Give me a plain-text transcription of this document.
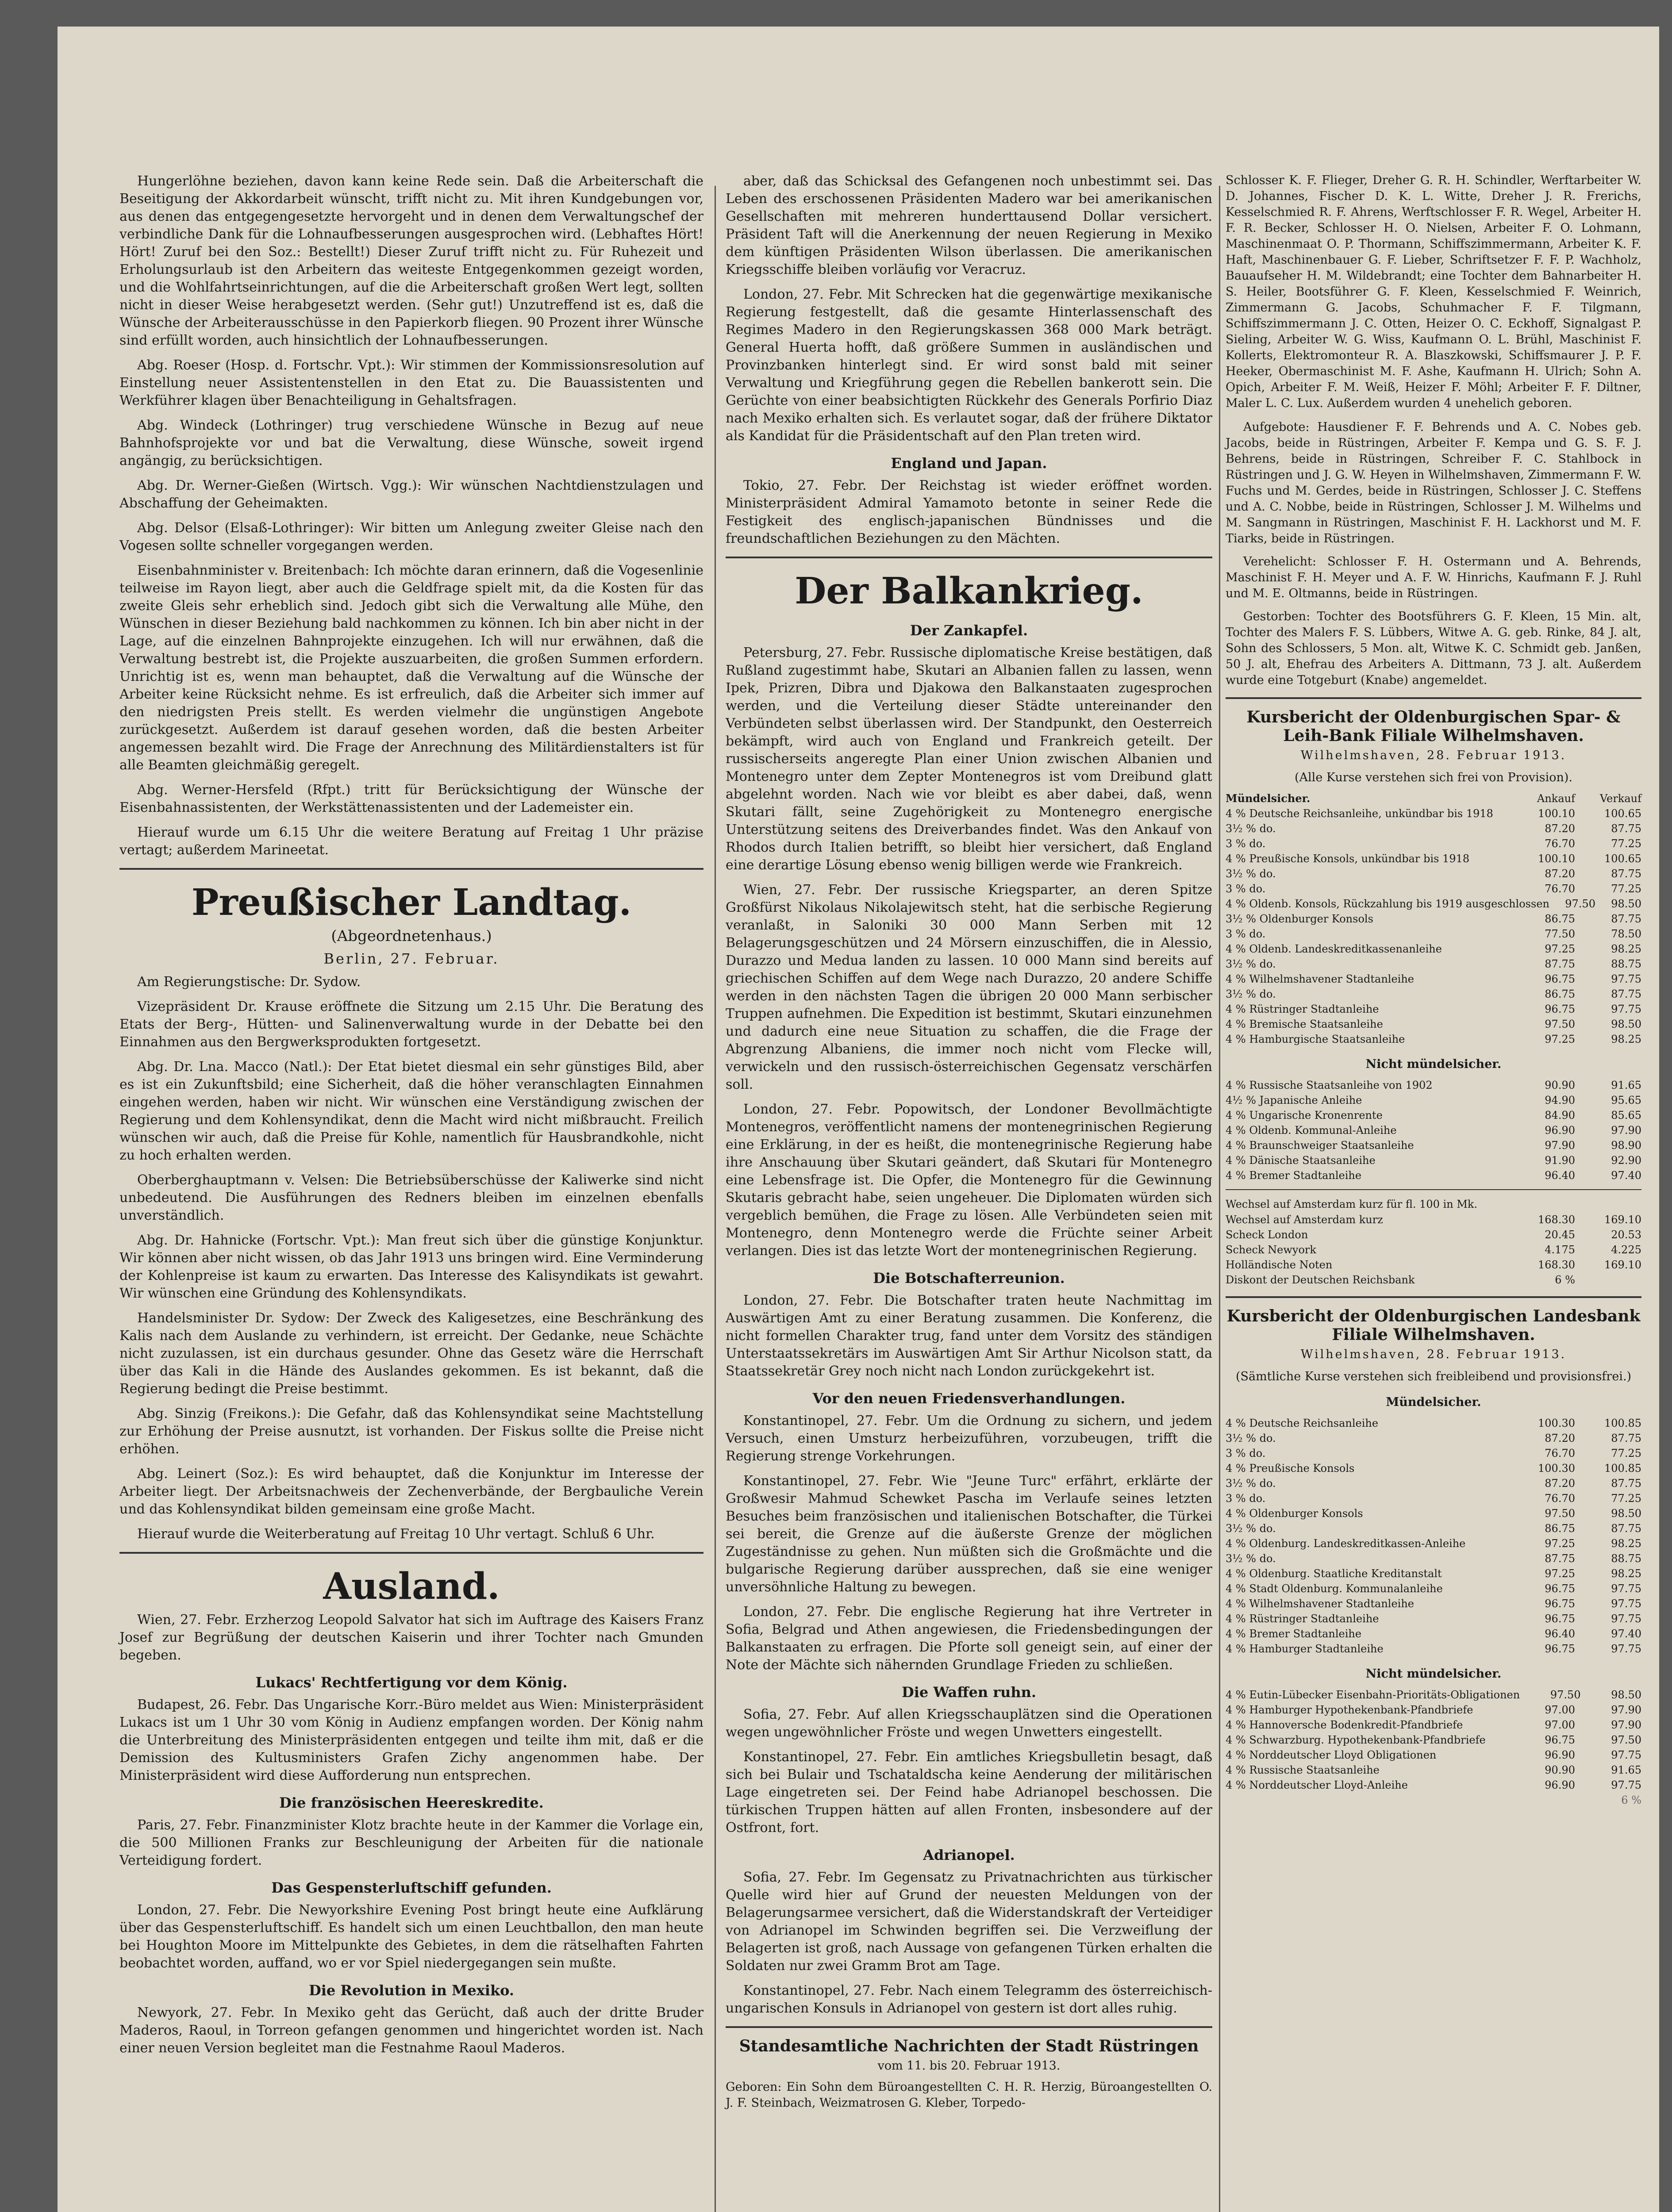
Hungerlöhne beziehen, davon kann keine Rede sein. Daß die Arbeiterschaft die Beseitigung der Akkordarbeit wünscht, trifft nicht zu. Mit ihren Kundgebungen vor, aus denen das entgegengesetzte hervorgeht und in denen dem Verwaltungschef der verbindliche Dank für die Lohnaufbesserungen ausgesprochen wird. (Lebhaftes Hört! Hört! Zuruf bei den Soz.: Bestellt!) Dieser Zuruf trifft nicht zu. Für Ruhezeit und Erholungsurlaub ist den Arbeitern das weiteste Entgegenkommen gezeigt worden, und die Wohlfahrtseinrichtungen, auf die die Arbeiterschaft großen Wert legt, sollten nicht in dieser Weise herabgesetzt werden. (Sehr gut!) Unzutreffend ist es, daß die Wünsche der Arbeiterausschüsse in den Papierkorb fliegen. 90 Prozent ihrer Wünsche sind erfüllt worden, auch hinsichtlich der Lohnaufbesserungen.

Abg. Roeser (Hosp. d. Fortschr. Vpt.): Wir stimmen der Kommissionsresolution auf Einstellung neuer Assistentenstellen in den Etat zu. Die Bauassistenten und Werkführer klagen über Benachteiligung in Gehaltsfragen.

Abg. Windeck (Lothringer) trug verschiedene Wünsche in Bezug auf neue Bahnhofsprojekte vor und bat die Verwaltung, diese Wünsche, soweit irgend angängig, zu berücksichtigen.

Abg. Dr. Werner-Gießen (Wirtsch. Vgg.): Wir wünschen Nachtdienstzulagen und Abschaffung der Geheimakten.

Abg. Delsor (Elsaß-Lothringer): Wir bitten um Anlegung zweiter Gleise nach den Vogesen sollte schneller vorgegangen werden.

Eisenbahnminister v. Breitenbach: Ich möchte daran erinnern, daß die Vogesenlinie teilweise im Rayon liegt, aber auch die Geldfrage spielt mit, da die Kosten für das zweite Gleis sehr erheblich sind. Jedoch gibt sich die Verwaltung alle Mühe, den Wünschen in dieser Beziehung bald nachkommen zu können. Ich bin aber nicht in der Lage, auf die einzelnen Bahnprojekte einzugehen. Ich will nur erwähnen, daß die Verwaltung bestrebt ist, die Projekte auszuarbeiten, die großen Summen erfordern. Unrichtig ist es, wenn man behauptet, daß die Verwaltung auf die Wünsche der Arbeiter keine Rücksicht nehme. Es ist erfreulich, daß die Arbeiter sich immer auf den niedrigsten Preis stellt. Es werden vielmehr die ungünstigen Angebote zurückgesetzt. Außerdem ist darauf gesehen worden, daß die besten Arbeiter angemessen bezahlt wird. Die Frage der Anrechnung des Militärdienstalters ist für alle Beamten gleichmäßig geregelt.

Abg. Werner-Hersfeld (Rfpt.) tritt für Berücksichtigung der Wünsche der Eisenbahnassistenten, der Werkstättenassistenten und der Lademeister ein.

Hierauf wurde um 6.15 Uhr die weitere Beratung auf Freitag 1 Uhr präzise vertagt; außerdem Marineetat.

Preußischer Landtag.
(Abgeordnetenhaus.)
Berlin, 27. Februar.

Am Regierungstische: Dr. Sydow.

Vizepräsident Dr. Krause eröffnete die Sitzung um 2.15 Uhr. Die Beratung des Etats der Berg-, Hütten- und Salinenverwaltung wurde in der Debatte bei den Einnahmen aus den Bergwerksprodukten fortgesetzt.

Abg. Dr. Lna. Macco (Natl.): Der Etat bietet diesmal ein sehr günstiges Bild, aber es ist ein Zukunftsbild; eine Sicherheit, daß die höher veranschlagten Einnahmen eingehen werden, haben wir nicht. Wir wünschen eine Verständigung zwischen der Regierung und dem Kohlensyndikat, denn die Macht wird nicht mißbraucht. Freilich wünschen wir auch, daß die Preise für Kohle, namentlich für Hausbrandkohle, nicht zu hoch erhalten werden.

Oberberghauptmann v. Velsen: Die Betriebsüberschüsse der Kaliwerke sind nicht unbedeutend. Die Ausführungen des Redners bleiben im einzelnen ebenfalls unverständlich.

Abg. Dr. Hahnicke (Fortschr. Vpt.): Man freut sich über die günstige Konjunktur. Wir können aber nicht wissen, ob das Jahr 1913 uns bringen wird. Eine Verminderung der Kohlenpreise ist kaum zu erwarten. Das Interesse des Kalisyndikats ist gewahrt. Wir wünschen eine Gründung des Kohlensyndikats.

Handelsminister Dr. Sydow: Der Zweck des Kaligesetzes, eine Beschränkung des Kalis nach dem Auslande zu verhindern, ist erreicht. Der Gedanke, neue Schächte nicht zuzulassen, ist ein durchaus gesunder. Ohne das Gesetz wäre die Herrschaft über das Kali in die Hände des Auslandes gekommen. Es ist bekannt, daß die Regierung bedingt die Preise bestimmt.

Abg. Sinzig (Freikons.): Die Gefahr, daß das Kohlensyndikat seine Machtstellung zur Erhöhung der Preise ausnutzt, ist vorhanden. Der Fiskus sollte die Preise nicht erhöhen.

Abg. Leinert (Soz.): Es wird behauptet, daß die Konjunktur im Interesse der Arbeiter liegt. Der Arbeitsnachweis der Zechenverbände, der Bergbauliche Verein und das Kohlensyndikat bilden gemeinsam eine große Macht.

Hierauf wurde die Weiterberatung auf Freitag 10 Uhr vertagt. Schluß 6 Uhr.

Ausland.

Wien, 27. Febr. Erzherzog Leopold Salvator hat sich im Auftrage des Kaisers Franz Josef zur Begrüßung der deutschen Kaiserin und ihrer Tochter nach Gmunden begeben.

Lukacs' Rechtfertigung vor dem König.

Budapest, 26. Febr. Das Ungarische Korr.-Büro meldet aus Wien: Ministerpräsident Lukacs ist um 1 Uhr 30 vom König in Audienz empfangen worden. Der König nahm die Unterbreitung des Ministerpräsidenten entgegen und teilte ihm mit, daß er die Demission des Kultusministers Grafen Zichy angenommen habe. Der Ministerpräsident wird diese Aufforderung nun entsprechen.

Die französischen Heereskredite.

Paris, 27. Febr. Finanzminister Klotz brachte heute in der Kammer die Vorlage ein, die 500 Millionen Franks zur Beschleunigung der Arbeiten für die nationale Verteidigung fordert.

Das Gespensterluftschiff gefunden.

London, 27. Febr. Die Newyorkshire Evening Post bringt heute eine Aufklärung über das Gespensterluftschiff. Es handelt sich um einen Leuchtballon, den man heute bei Houghton Moore im Mittelpunkte des Gebietes, in dem die rätselhaften Fahrten beobachtet worden, auffand, wo er vor Spiel niedergegangen sein mußte.

Die Revolution in Mexiko.

Newyork, 27. Febr. In Mexiko geht das Gerücht, daß auch der dritte Bruder Maderos, Raoul, in Torreon gefangen genommen und hingerichtet worden ist. Nach einer neuen Version begleitet man die Festnahme Raoul Maderos.

aber, daß das Schicksal des Gefangenen noch unbestimmt sei. Das Leben des erschossenen Präsidenten Madero war bei amerikanischen Gesellschaften mit mehreren hunderttausend Dollar versichert. Präsident Taft will die Anerkennung der neuen Regierung in Mexiko dem künftigen Präsidenten Wilson überlassen. Die amerikanischen Kriegsschiffe bleiben vorläufig vor Veracruz.

London, 27. Febr. Mit Schrecken hat die gegenwärtige mexikanische Regierung festgestellt, daß die gesamte Hinterlassenschaft des Regimes Madero in den Regierungskassen 368 000 Mark beträgt. General Huerta hofft, daß größere Summen in ausländischen und Provinzbanken hinterlegt sind. Er wird sonst bald mit seiner Verwaltung und Kriegführung gegen die Rebellen bankerott sein. Die Gerüchte von einer beabsichtigten Rückkehr des Generals Porfirio Diaz nach Mexiko erhalten sich. Es verlautet sogar, daß der frühere Diktator als Kandidat für die Präsidentschaft auf den Plan treten wird.

England und Japan.

Tokio, 27. Febr. Der Reichstag ist wieder eröffnet worden. Ministerpräsident Admiral Yamamoto betonte in seiner Rede die Festigkeit des englisch-japanischen Bündnisses und die freundschaftlichen Beziehungen zu den Mächten.

Der Balkankrieg.
Der Zankapfel.

Petersburg, 27. Febr. Russische diplomatische Kreise bestätigen, daß Rußland zugestimmt habe, Skutari an Albanien fallen zu lassen, wenn Ipek, Prizren, Dibra und Djakowa den Balkanstaaten zugesprochen werden, und die Verteilung dieser Städte untereinander den Verbündeten selbst überlassen wird. Der Standpunkt, den Oesterreich bekämpft, wird auch von England und Frankreich geteilt. Der russischerseits angeregte Plan einer Union zwischen Albanien und Montenegro unter dem Zepter Montenegros ist vom Dreibund glatt abgelehnt worden. Nach wie vor bleibt es aber dabei, daß, wenn Skutari fällt, seine Zugehörigkeit zu Montenegro energische Unterstützung seitens des Dreiverbandes findet. Was den Ankauf von Rhodos durch Italien betrifft, so bleibt hier versichert, daß England eine derartige Lösung ebenso wenig billigen werde wie Frankreich.

Wien, 27. Febr. Der russische Kriegsparter, an deren Spitze Großfürst Nikolaus Nikolajewitsch steht, hat die serbische Regierung veranlaßt, in Saloniki 30 000 Mann Serben mit 12 Belagerungsgeschützen und 24 Mörsern einzuschiffen, die in Alessio, Durazzo und Medua landen zu lassen. 10 000 Mann sind bereits auf griechischen Schiffen auf dem Wege nach Durazzo, 20 andere Schiffe werden in den nächsten Tagen die übrigen 20 000 Mann serbischer Truppen aufnehmen. Die Expedition ist bestimmt, Skutari einzunehmen und dadurch eine neue Situation zu schaffen, die die Frage der Abgrenzung Albaniens, die immer noch nicht vom Flecke will, verwickeln und den russisch-österreichischen Gegensatz verschärfen soll.

London, 27. Febr. Popowitsch, der Londoner Bevollmächtigte Montenegros, veröffentlicht namens der montenegrinischen Regierung eine Erklärung, in der es heißt, die montenegrinische Regierung habe ihre Anschauung über Skutari geändert, daß Skutari für Montenegro eine Lebensfrage ist. Die Opfer, die Montenegro für die Gewinnung Skutaris gebracht habe, seien ungeheuer. Die Diplomaten würden sich vergeblich bemühen, die Frage zu lösen. Alle Verbündeten seien mit Montenegro, denn Montenegro werde die Früchte seiner Arbeit verlangen. Dies ist das letzte Wort der montenegrinischen Regierung.

Die Botschafterreunion.

London, 27. Febr. Die Botschafter traten heute Nachmittag im Auswärtigen Amt zu einer Beratung zusammen. Die Konferenz, die nicht formellen Charakter trug, fand unter dem Vorsitz des ständigen Unterstaatssekretärs im Auswärtigen Amt Sir Arthur Nicolson statt, da Staatssekretär Grey noch nicht nach London zurückgekehrt ist.

Vor den neuen Friedensverhandlungen.

Konstantinopel, 27. Febr. Um die Ordnung zu sichern, und jedem Versuch, einen Umsturz herbeizuführen, vorzubeugen, trifft die Regierung strenge Vorkehrungen.

Konstantinopel, 27. Febr. Wie "Jeune Turc" erfährt, erklärte der Großwesir Mahmud Schewket Pascha im Verlaufe seines letzten Besuches beim französischen und italienischen Botschafter, die Türkei sei bereit, die Grenze auf die äußerste Grenze der möglichen Zugeständnisse zu gehen. Nun müßten sich die Großmächte und die bulgarische Regierung darüber aussprechen, daß sie eine weniger unversöhnliche Haltung zu bewegen.

London, 27. Febr. Die englische Regierung hat ihre Vertreter in Sofia, Belgrad und Athen angewiesen, die Friedensbedingungen der Balkanstaaten zu erfragen. Die Pforte soll geneigt sein, auf einer der Note der Mächte sich nähernden Grundlage Frieden zu schließen.

Die Waffen ruhn.

Sofia, 27. Febr. Auf allen Kriegsschauplätzen sind die Operationen wegen ungewöhnlicher Fröste und wegen Unwetters eingestellt.

Konstantinopel, 27. Febr. Ein amtliches Kriegsbulletin besagt, daß sich bei Bulair und Tschataldscha keine Aenderung der militärischen Lage eingetreten sei. Der Feind habe Adrianopel beschossen. Die türkischen Truppen hätten auf allen Fronten, insbesondere auf der Ostfront, fort.

Adrianopel.

Sofia, 27. Febr. Im Gegensatz zu Privatnachrichten aus türkischer Quelle wird hier auf Grund der neuesten Meldungen von der Belagerungsarmee versichert, daß die Widerstandskraft der Verteidiger von Adrianopel im Schwinden begriffen sei. Die Verzweiflung der Belagerten ist groß, nach Aussage von gefangenen Türken erhalten die Soldaten nur zwei Gramm Brot am Tage.

Konstantinopel, 27. Febr. Nach einem Telegramm des österreichisch-ungarischen Konsuls in Adrianopel von gestern ist dort alles ruhig.

Standesamtliche Nachrichten der Stadt Rüstringen
vom 11. bis 20. Februar 1913.

Geboren: Ein Sohn dem Büroangestellten C. H. R. Herzig, Büroangestellten O. J. F. Steinbach, Weizmatrosen G. Kleber, Torpedo-

Schlosser K. F. Flieger, Dreher G. R. H. Schindler, Werftarbeiter W. D. Johannes, Fischer D. K. L. Witte, Dreher J. R. Frerichs, Kesselschmied R. F. Ahrens, Werftschlosser F. R. Wegel, Arbeiter H. F. R. Becker, Schlosser H. O. Nielsen, Arbeiter F. O. Lohmann, Maschinenmaat O. P. Thormann, Schiffszimmermann, Arbeiter K. F. Haft, Maschinenbauer G. F. Lieber, Schriftsetzer F. F. P. Wachholz, Bauaufseher H. M. Wildebrandt; eine Tochter dem Bahnarbeiter H. S. Heiler, Bootsführer G. F. Kleen, Kesselschmied F. Weinrich, Zimmermann G. Jacobs, Schuhmacher F. F. Tilgmann, Schiffszimmermann J. C. Otten, Heizer O. C. Eckhoff, Signalgast P. Sieling, Arbeiter W. G. Wiss, Kaufmann O. L. Brühl, Maschinist F. Kollerts, Elektromonteur R. A. Blaszkowski, Schiffsmaurer J. P. F. Heeker, Obermaschinist M. F. Ashe, Kaufmann H. Ulrich; Sohn A. Opich, Arbeiter F. M. Weiß, Heizer F. Möhl; Arbeiter F. F. Diltner, Maler L. C. Lux. Außerdem wurden 4 unehelich geboren.

Aufgebote: Hausdiener F. F. Behrends und A. C. Nobes geb. Jacobs, beide in Rüstringen, Arbeiter F. Kempa und G. S. F. J. Behrens, beide in Rüstringen, Schreiber F. C. Stahlbock in Rüstringen und J. G. W. Heyen in Wilhelmshaven, Zimmermann F. W. Fuchs und M. Gerdes, beide in Rüstringen, Schlosser J. C. Steffens und A. C. Nobbe, beide in Rüstringen, Schlosser J. M. Wilhelms und M. Sangmann in Rüstringen, Maschinist F. H. Lackhorst und M. F. Tiarks, beide in Rüstringen.

Verehelicht: Schlosser F. H. Ostermann und A. Behrends, Maschinist F. H. Meyer und A. F. W. Hinrichs, Kaufmann F. J. Ruhl und M. E. Oltmanns, beide in Rüstringen.

Gestorben: Tochter des Bootsführers G. F. Kleen, 15 Min. alt, Tochter des Malers F. S. Lübbers, Witwe A. G. geb. Rinke, 84 J. alt, Sohn des Schlossers, 5 Mon. alt, Witwe K. C. Schmidt geb. Janßen, 50 J. alt, Ehefrau des Arbeiters A. Dittmann, 73 J. alt. Außerdem wurde eine Totgeburt (Knabe) angemeldet.

Kursbericht der Oldenburgischen Spar- & Leih-Bank Filiale Wilhelmshaven.
Wilhelmshaven, 28. Februar 1913.
(Alle Kurse verstehen sich frei von Provision).
Mündelsicher.	Ankauf	Verkauf
4 % Deutsche Reichsanleihe, unkündbar bis 1918	100.10	100.65
3½ % do.	87.20	87.75
3 % do.	76.70	77.25
4 % Preußische Konsols, unkündbar bis 1918	100.10	100.65
3½ % do.	87.20	87.75
3 % do.	76.70	77.25
4 % Oldenb. Konsols, Rückzahlung bis 1919 ausgeschlossen	97.50	98.50
3½ % Oldenburger Konsols	86.75	87.75
3 % do.	77.50	78.50
4 % Oldenb. Landeskreditkassenanleihe	97.25	98.25
3½ % do.	87.75	88.75
4 % Wilhelmshavener Stadtanleihe	96.75	97.75
3½ % do.	86.75	87.75
4 % Rüstringer Stadtanleihe	96.75	97.75
4 % Bremische Staatsanleihe	97.50	98.50
4 % Hamburgische Staatsanleihe	97.25	98.25
Nicht mündelsicher.
4 % Russische Staatsanleihe von 1902	90.90	91.65
4½ % Japanische Anleihe	94.90	95.65
4 % Ungarische Kronenrente	84.90	85.65
4 % Oldenb. Kommunal-Anleihe	96.90	97.90
4 % Braunschweiger Staatsanleihe	97.90	98.90
4 % Dänische Staatsanleihe	91.90	92.90
4 % Bremer Stadtanleihe	96.40	97.40
Wechsel auf Amsterdam kurz für fl. 100 in Mk.
Wechsel auf Amsterdam kurz	168.30	169.10
Scheck London	20.45	20.53
Scheck Newyork	4.175	4.225
Holländische Noten	168.30	169.10
Diskont der Deutschen Reichsbank	6 %
Kursbericht der Oldenburgischen Landesbank Filiale Wilhelmshaven.
Wilhelmshaven, 28. Februar 1913.
(Sämtliche Kurse verstehen sich freibleibend und provisionsfrei.)
Mündelsicher.
4 % Deutsche Reichsanleihe	100.30	100.85
3½ % do.	87.20	87.75
3 % do.	76.70	77.25
4 % Preußische Konsols	100.30	100.85
3½ % do.	87.20	87.75
3 % do.	76.70	77.25
4 % Oldenburger Konsols	97.50	98.50
3½ % do.	86.75	87.75
4 % Oldenburg. Landeskreditkassen-Anleihe	97.25	98.25
3½ % do.	87.75	88.75
4 % Oldenburg. Staatliche Kreditanstalt	97.25	98.25
4 % Stadt Oldenburg. Kommunalanleihe	96.75	97.75
4 % Wilhelmshavener Stadtanleihe	96.75	97.75
4 % Rüstringer Stadtanleihe	96.75	97.75
4 % Bremer Stadtanleihe	96.40	97.40
4 % Hamburger Stadtanleihe	96.75	97.75
Nicht mündelsicher.
4 % Eutin-Lübecker Eisenbahn-Prioritäts-Obligationen	97.50	98.50
4 % Hamburger Hypothekenbank-Pfandbriefe	97.00	97.90
4 % Hannoversche Bodenkredit-Pfandbriefe	97.00	97.90
4 % Schwarzburg. Hypothekenbank-Pfandbriefe	96.75	97.50
4 % Norddeutscher Lloyd Obligationen	96.90	97.75
4 % Russische Staatsanleihe	90.90	91.65
4 % Norddeutscher Lloyd-Anleihe	96.90	97.75
6 %
